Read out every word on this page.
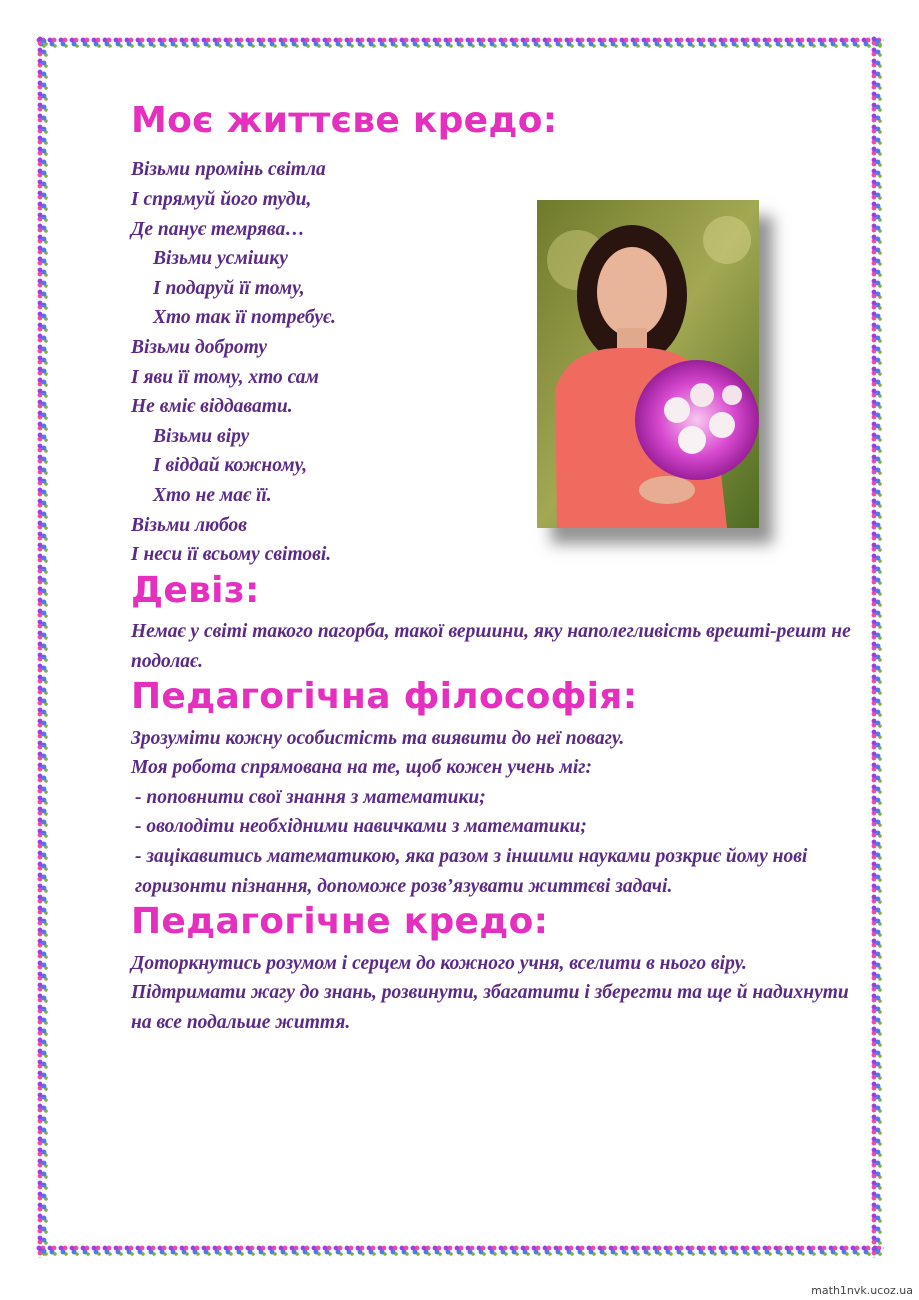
Моє життєве кредо:
Візьми промінь світла
І спрямуй його туди,
Де панує темрява…
Візьми усмішку
І подаруй її тому,
Хто так її потребує.
Візьми доброту
І яви її тому, хто сам
Не вміє віддавати.
Візьми віру
І віддай кожному,
Хто не має її.
Візьми любов
І неси її всьому світові.
Девіз:

Немає у світі такого пагорба, такої вершини, яку наполегливість врешті-решт не подолає.

Педагогічна філософія:
Зрозуміти кожну особистість та виявити до неї повагу.
Моя робота спрямована на те, щоб кожен учень міг:
- поповнити свої знання з математики;
- оволодіти необхідними навичками з математики;
- зацікавитись математикою, яка разом з іншими науками розкриє йому нові горизонти пізнання, допоможе розв’язувати життєві задачі.
Педагогічне кредо:

Доторкнутись розумом і серцем до кожного учня, вселити в нього віру. Підтримати жагу до знань, розвинути, збагатити і зберегти та ще й надихнути на все подальше життя.

math1nvk.ucoz.ua
